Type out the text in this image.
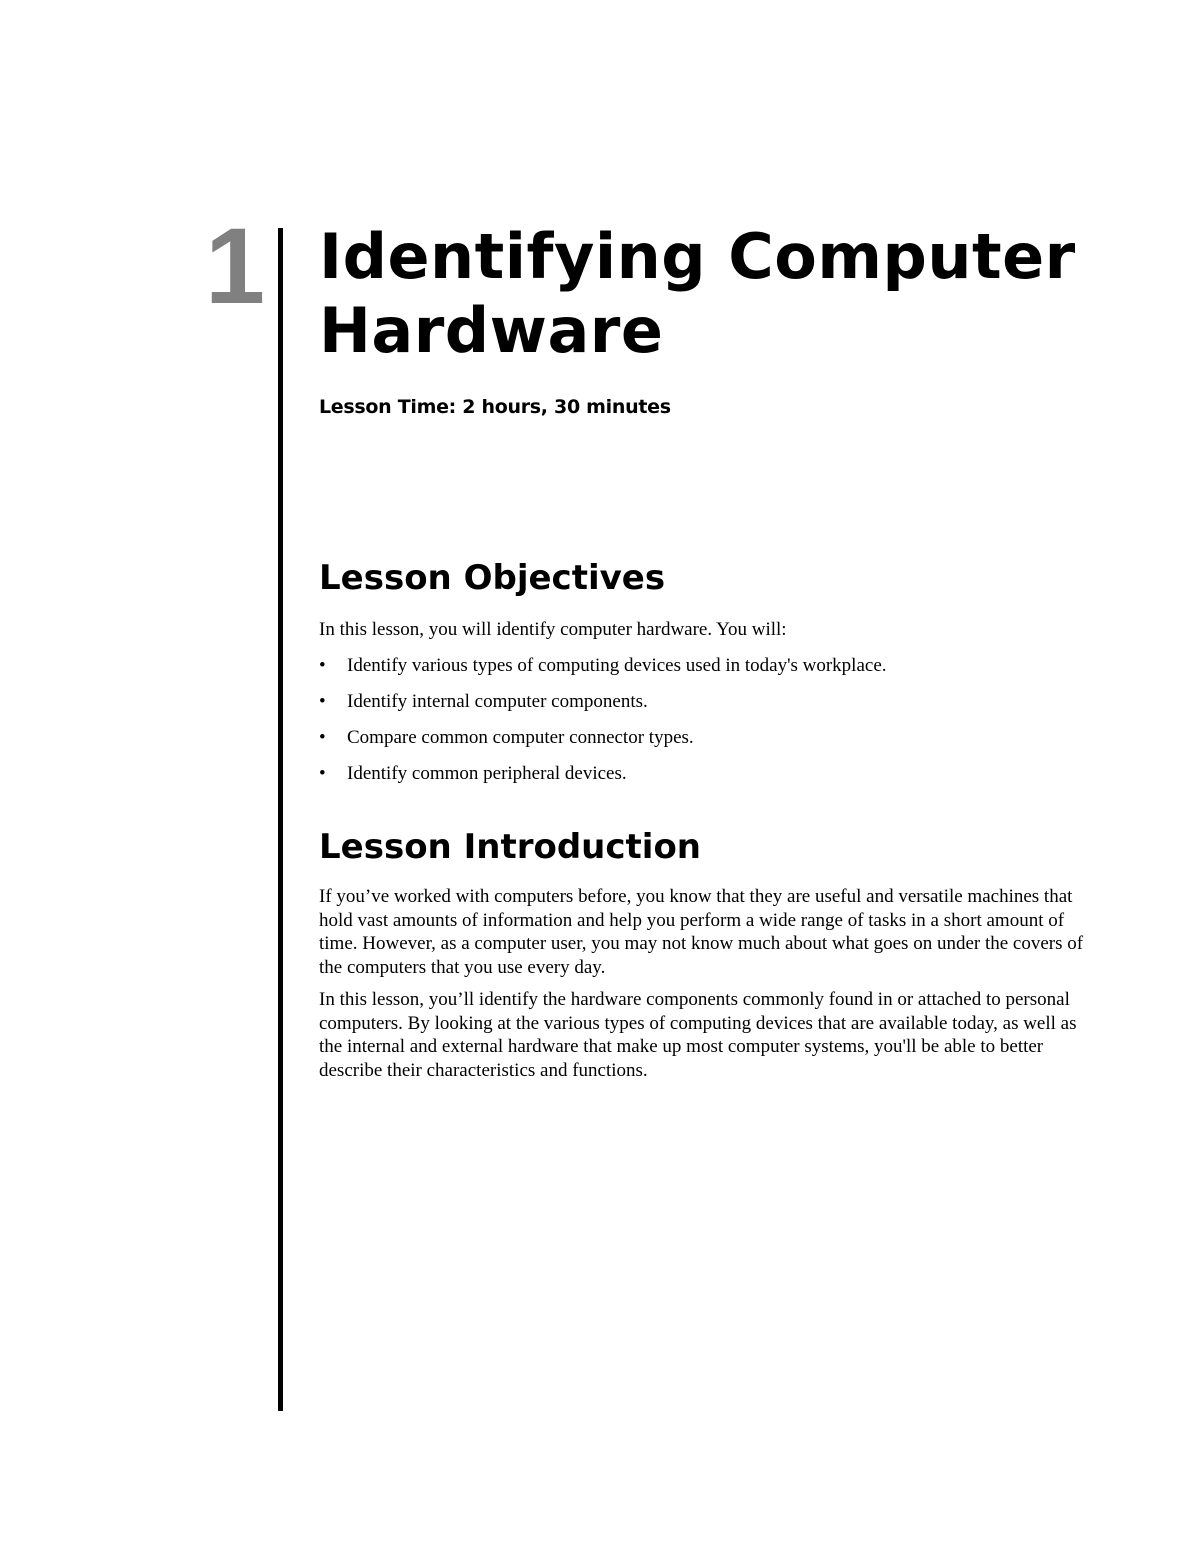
1 Identifying Computer
Hardware
Lesson Time: 2 hours, 30 minutes
Lesson Objectives

In this lesson, you will identify computer hardware. You will:

• Identify various types of computing devices used in today's workplace.
• Identify internal computer components.
• Compare common computer connector types.
• Identify common peripheral devices.
Lesson Introduction

If you’ve worked with computers before, you know that they are useful and versatile machines that hold vast amounts of information and help you perform a wide range of tasks in a short amount of time. However, as a computer user, you may not know much about what goes on under the covers of the computers that you use every day.

In this lesson, you’ll identify the hardware components commonly found in or attached to personal computers. By looking at the various types of computing devices that are available today, as well as the internal and external hardware that make up most computer systems, you'll be able to better describe their characteristics and functions.
